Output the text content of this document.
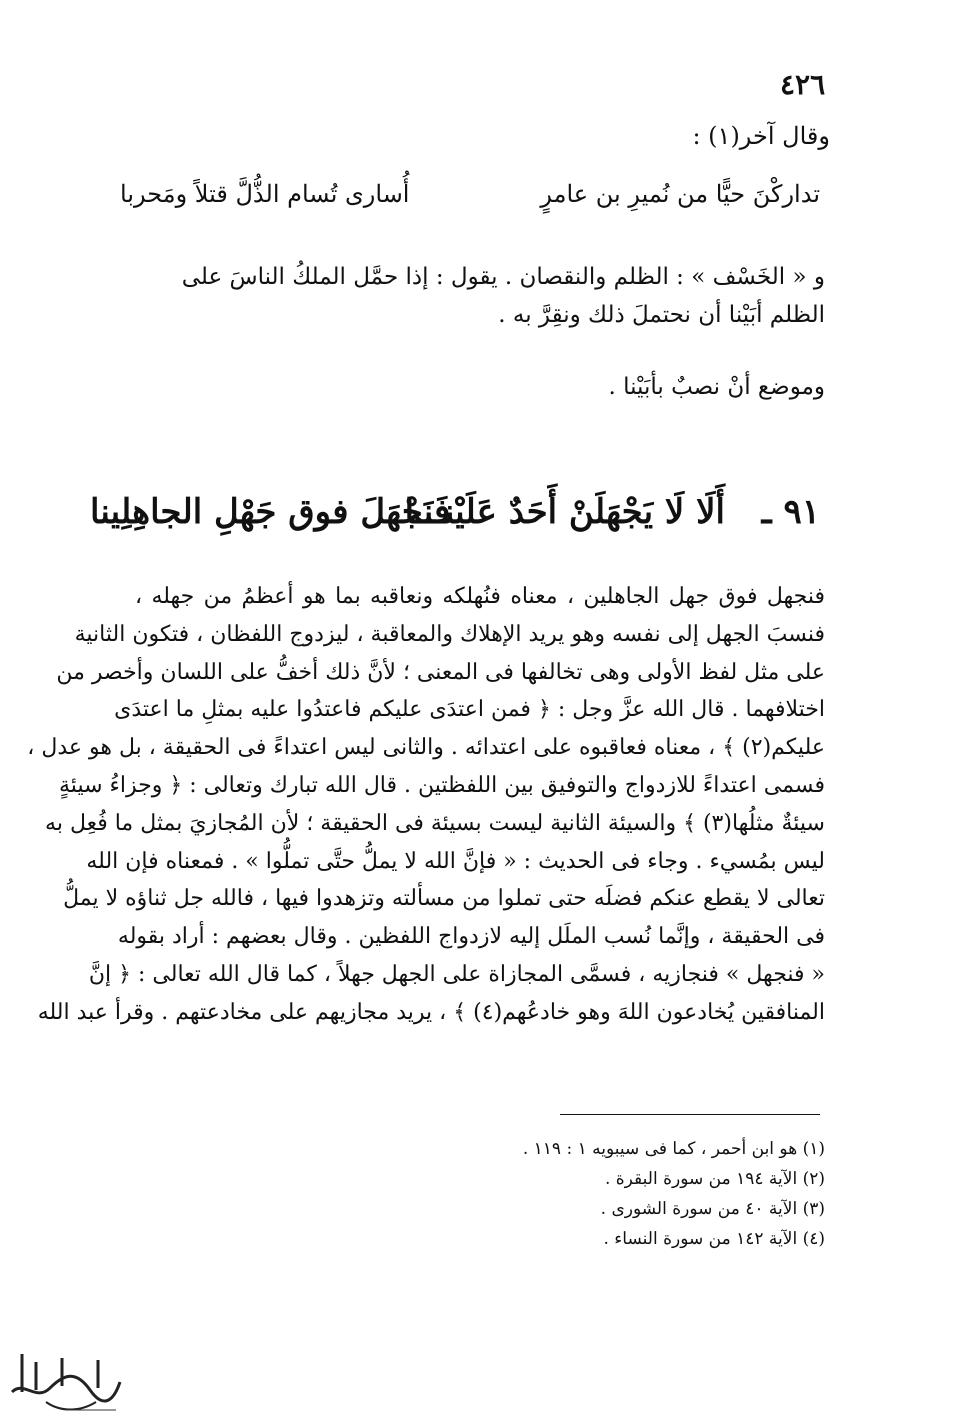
٤٢٦
وقال آخر(١) :
تداركْنَ حيًّا من نُميرِ بن عامرٍ
أُسارى تُسام الذُّلَّ قتلاً ومَحربا
و « الخَسْف » : الظلم والنقصان . يقول : إذا حمَّل الملكُ الناسَ على الظلم أبَيْنا أن نحتملَ ذلك ونقِرَّ به .
وموضع أنْ نصبٌ بأبَيْنا .
٩١ ـ
أَلَا لَا يَجْهَلَنْ أَحَدٌ عَلَيْنـــا
فَنَجْهَلَ فوق جَهْلِ الجاهِلِينا
فنجهل فوق جهل الجاهلين ، معناه فنُهلكه ونعاقبه بما هو أعظمُ من جهله ،
فنسبَ الجهل إلى نفسه وهو يريد الإهلاك والمعاقبة ، ليزدوج اللفظان ، فتكون الثانية
على مثل لفظ الأولى وهى تخالفها فى المعنى ؛ لأنَّ ذلك أخفُّ على اللسان وأخصر من
اختلافهما . قال الله عزَّ وجل : ﴿ فمن اعتدَى عليكم فاعتدُوا عليه بمثلِ ما اعتدَى
عليكم(٢) ﴾ ، معناه فعاقبوه على اعتدائه . والثانى ليس اعتداءً فى الحقيقة ، بل هو عدل ،
فسمى اعتداءً للازدواج والتوفيق بين اللفظتين . قال الله تبارك وتعالى : ﴿ وجزاءُ سيئةٍ
سيئةٌ مثلُها(٣) ﴾ والسيئة الثانية ليست بسيئة فى الحقيقة ؛ لأن المُجازيَ بمثل ما فُعِل به
ليس بمُسيء . وجاء فى الحديث : « فإنَّ الله لا يملُّ حتَّى تملُّوا » . فمعناه فإن الله
تعالى لا يقطع عنكم فضلَه حتى تملوا من مسألته وتزهدوا فيها ، فالله جل ثناؤه لا يملُّ
فى الحقيقة ، وإنَّما نُسب الملَل إليه لازدواج اللفظين . وقال بعضهم : أراد بقوله
« فنجهل » فنجازيه ، فسمَّى المجازاة على الجهل جهلاً ، كما قال الله تعالى : ﴿ إنَّ
المنافقين يُخادعون اللهَ وهو خادعُهم(٤) ﴾ ، يريد مجازيهم على مخادعتهم . وقرأ عبد الله
(١) هو ابن أحمر ، كما فى سيبويه ١ : ١١٩ .
(٢) الآية ١٩٤ من سورة البقرة .
(٣) الآية ٤٠ من سورة الشورى .
(٤) الآية ١٤٢ من سورة النساء .
